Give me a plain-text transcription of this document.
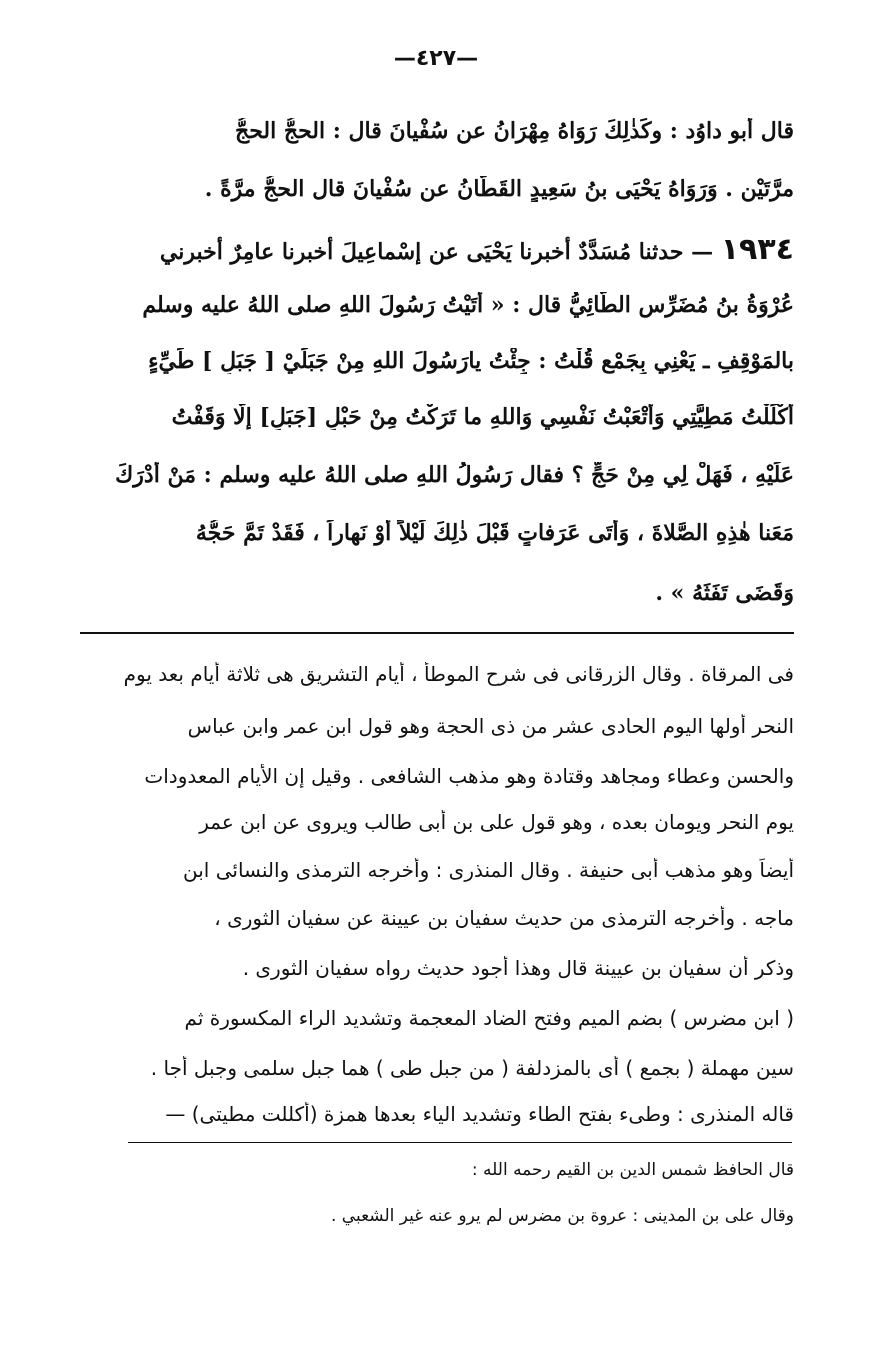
—٤٢٧—
قال أبو داوُد : وكَذٰلِكَ رَوَاهُ مِهْرَانُ عن سُفْيانَ قال : الحجُّ الحجُّ
مرَّتَيْنِ . وَرَوَاهُ يَحْيَى بنُ سَعِيدٍ القَطَّانُ عن سُفْيانَ قال الحجُّ مرَّةً .
١٩٣٤ — حدثنا مُسَدَّدٌ أخبرنا يَحْيَى عن إسْماعِيلَ أخبرنا عامِرٌ أخبرني
عُرْوَةُ بنُ مُضَرِّسٍ الطَّائِيُّ قال : « أَتَيْتُ رَسُولَ اللهِ صلى اللهُ عليه وسلم
بالمَوْقِفِ ـ يَعْنِي بِجَمْعٍ قُلْتُ : جِئْتُ يارَسُولَ اللهِ مِنْ جَبَلَيْ [ جَبَلِ ] طَيِّءٍ
أَكْلَلْتُ مَطِيَّتِي وَأَتْعَبْتُ نَفْسِي وَاللهِ ما تَرَكْتُ مِنْ حَبْلٍ [جَبَلٍ] إلَّا وَقَفْتُ
عَلَيْهِ ، فَهَلْ لِي مِنْ حَجٍّ ؟ فقال رَسُولُ اللهِ صلى اللهُ عليه وسلم : مَنْ أَدْرَكَ
مَعَنا هٰذِهِ الصَّلاةَ ، وَأَتَى عَرَفاتٍ قَبْلَ ذٰلِكَ لَيْلاً أَوْ نَهاراً ، فَقَدْ تَمَّ حَجُّهُ
وَقَضَى تَفَثَهُ » .
فى المرقاة . وقال الزرقانى فى شرح الموطأ ، أيام التشريق هى ثلاثة أيام بعد يوم
النحر أولها اليوم الحادى عشر من ذى الحجة وهو قول ابن عمر وابن عباس
والحسن وعطاء ومجاهد وقتادة وهو مذهب الشافعى . وقيل إن الأيام المعدودات
يوم النحر ويومان بعده ، وهو قول على بن أبى طالب ويروى عن ابن عمر
أيضاً وهو مذهب أبى حنيفة . وقال المنذرى : وأخرجه الترمذى والنسائى ابن
ماجه . وأخرجه الترمذى من حديث سفيان بن عيينة عن سفيان الثورى ،
وذكر أن سفيان بن عيينة قال وهذا أجود حديث رواه سفيان الثورى .
( ابن مضرس ) بضم الميم وفتح الضاد المعجمة وتشديد الراء المكسورة ثم
سين مهملة ( بجمع ) أى بالمزدلفة ( من جبل طى ) هما جبل سلمى وجبل أجا .
قاله المنذرى : وطىء بفتح الطاء وتشديد الياء بعدها همزة (أكللت مطيتى) —
قال الحافظ شمس الدين بن القيم رحمه الله :
وقال على بن المدينى : عروة بن مضرس لم يرو عنه غير الشعبي .
